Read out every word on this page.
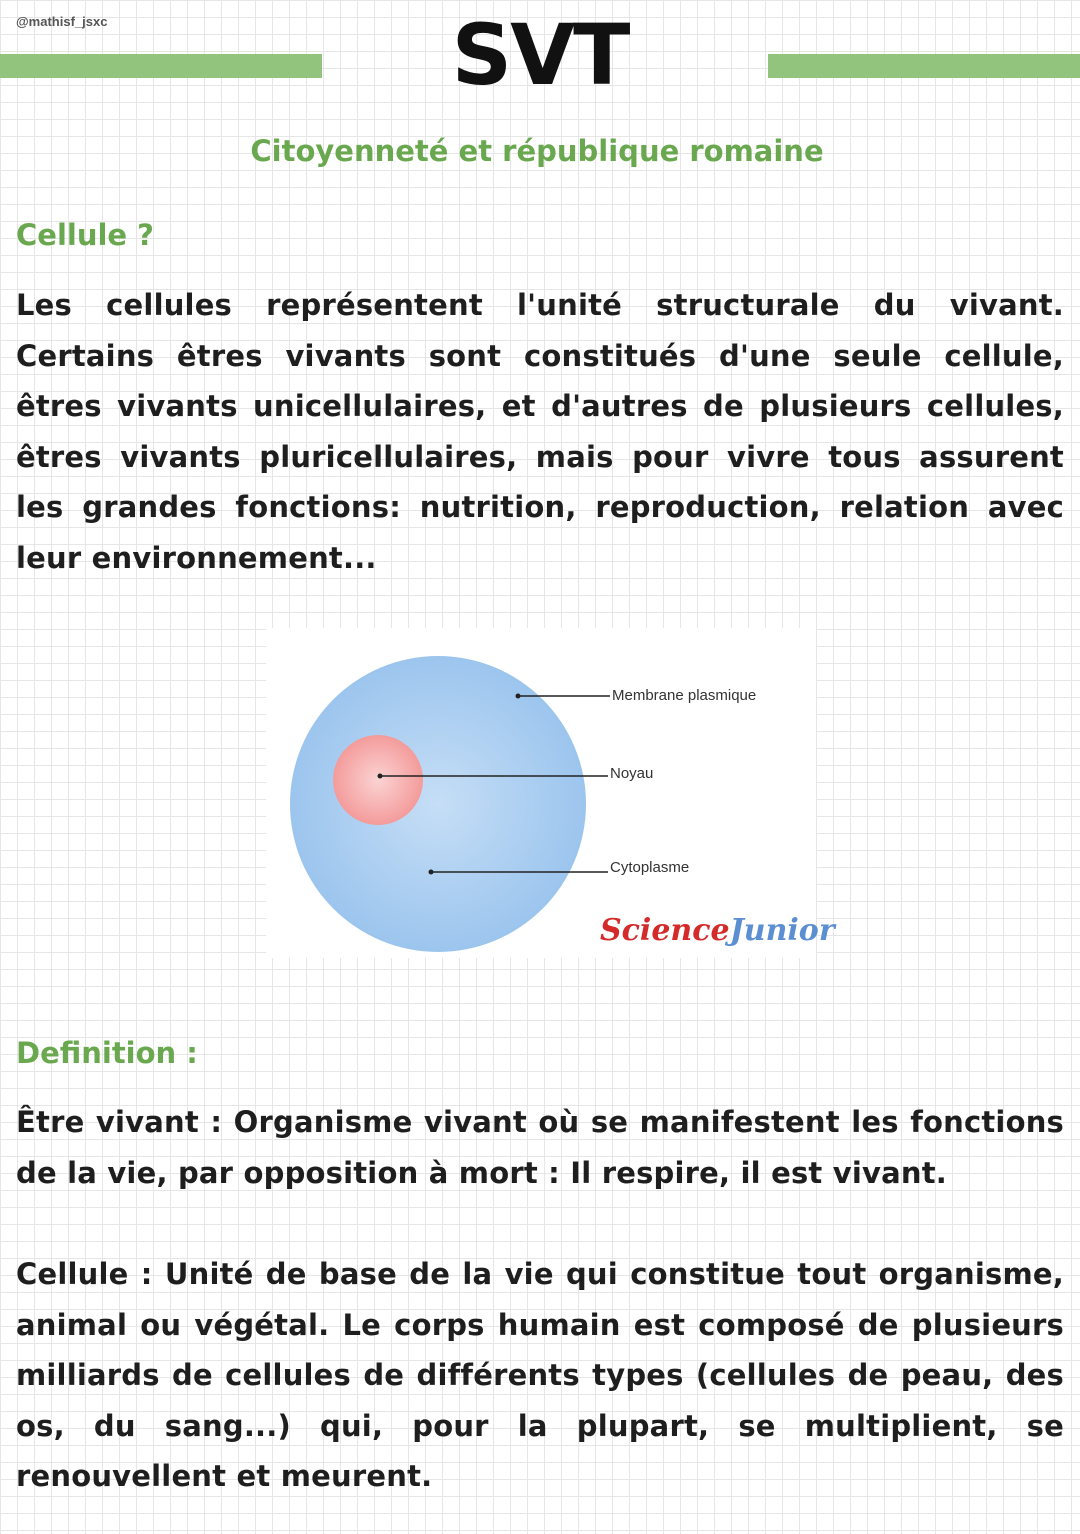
@mathisf_jsxc	SVT
Citoyenneté et république romaine
Cellule ?
Les cellules représentent l'unité structurale du vivant. Certains êtres vivants sont constitués d'une seule cellule, êtres vivants unicellulaires, et d'autres de plusieurs cellules, êtres vivants pluricellulaires, mais pour vivre tous assurent les grandes fonctions: nutrition, reproduction, relation avec leur environnement...
Membrane plasmique
Noyau
Cytoplasme
ScienceJunior
Definition :
Être vivant : Organisme vivant où se manifestent les fonctions de la vie, par opposition à mort : Il respire, il est vivant.
Cellule : Unité de base de la vie qui constitue tout organisme, animal ou végétal. Le corps humain est composé de plusieurs milliards de cellules de différents types (cellules de peau, des os, du sang...) qui, pour la plupart, se multiplient, se renouvellent et meurent.
